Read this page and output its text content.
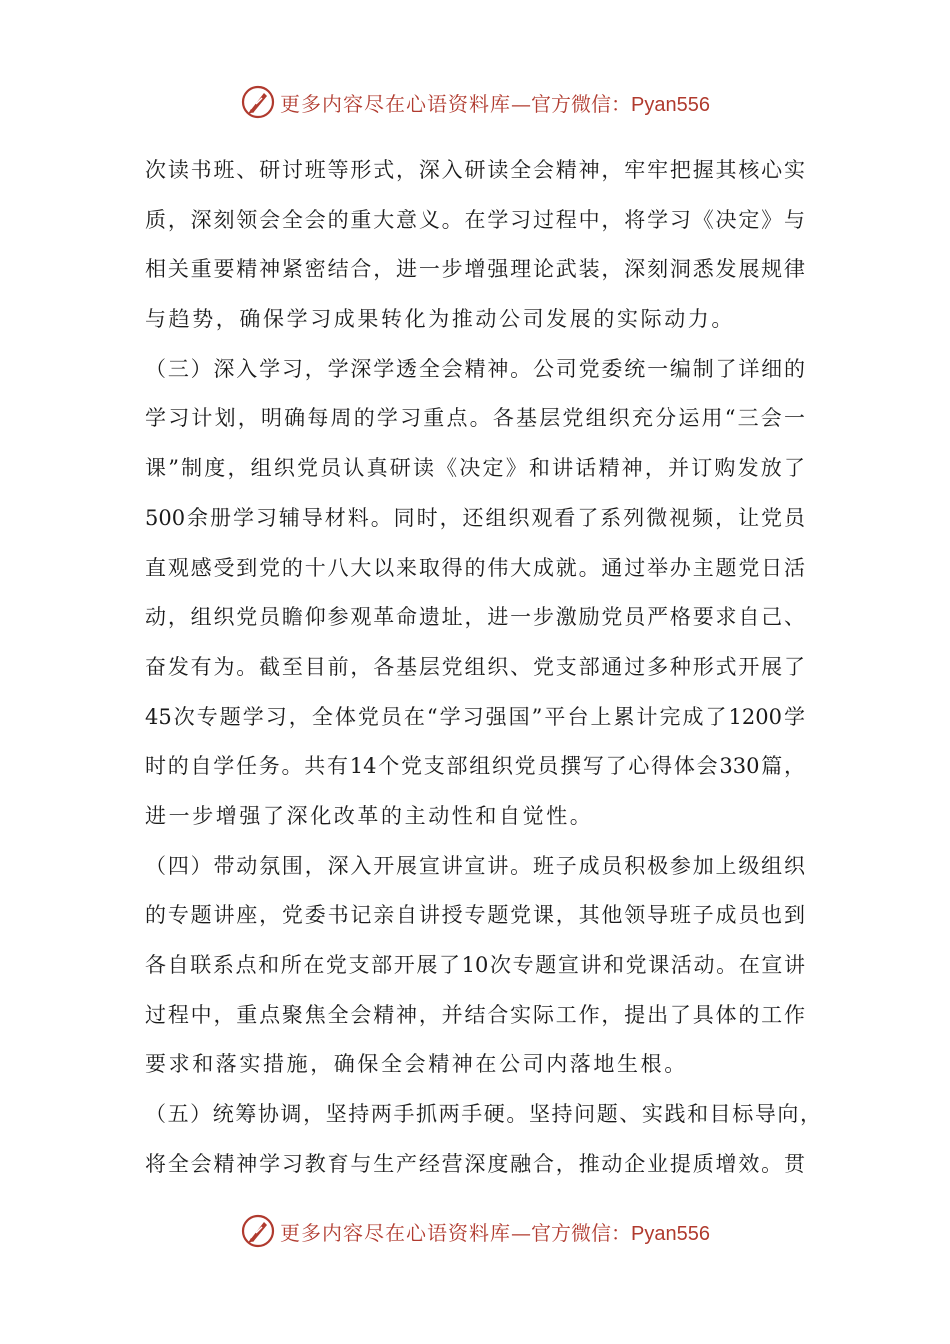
更多内容尽在心语资料库—官方微信：Pyan556
次读书班、研讨班等形式，深入研读全会精神，牢牢把握其核心实
质，深刻领会全会的重大意义。在学习过程中，将学习《决定》与
相关重要精神紧密结合，进一步增强理论武装，深刻洞悉发展规律
与趋势，确保学习成果转化为推动公司发展的实际动力。
（三）深入学习，学深学透全会精神。公司党委统一编制了详细的
学习计划，明确每周的学习重点。各基层党组织充分运用“三会一
课”制度，组织党员认真研读《决定》和讲话精神，并订购发放了
500余册学习辅导材料。同时，还组织观看了系列微视频，让党员
直观感受到党的十八大以来取得的伟大成就。通过举办主题党日活
动，组织党员瞻仰参观革命遗址，进一步激励党员严格要求自己、
奋发有为。截至目前，各基层党组织、党支部通过多种形式开展了
45次专题学习，全体党员在“学习强国”平台上累计完成了1200学
时的自学任务。共有14个党支部组织党员撰写了心得体会330篇，
进一步增强了深化改革的主动性和自觉性。
（四）带动氛围，深入开展宣讲宣讲。班子成员积极参加上级组织
的专题讲座，党委书记亲自讲授专题党课，其他领导班子成员也到
各自联系点和所在党支部开展了10次专题宣讲和党课活动。在宣讲
过程中，重点聚焦全会精神，并结合实际工作，提出了具体的工作
要求和落实措施，确保全会精神在公司内落地生根。
（五）统筹协调，坚持两手抓两手硬。坚持问题、实践和目标导向，
将全会精神学习教育与生产经营深度融合，推动企业提质增效。贯
更多内容尽在心语资料库—官方微信：Pyan556
